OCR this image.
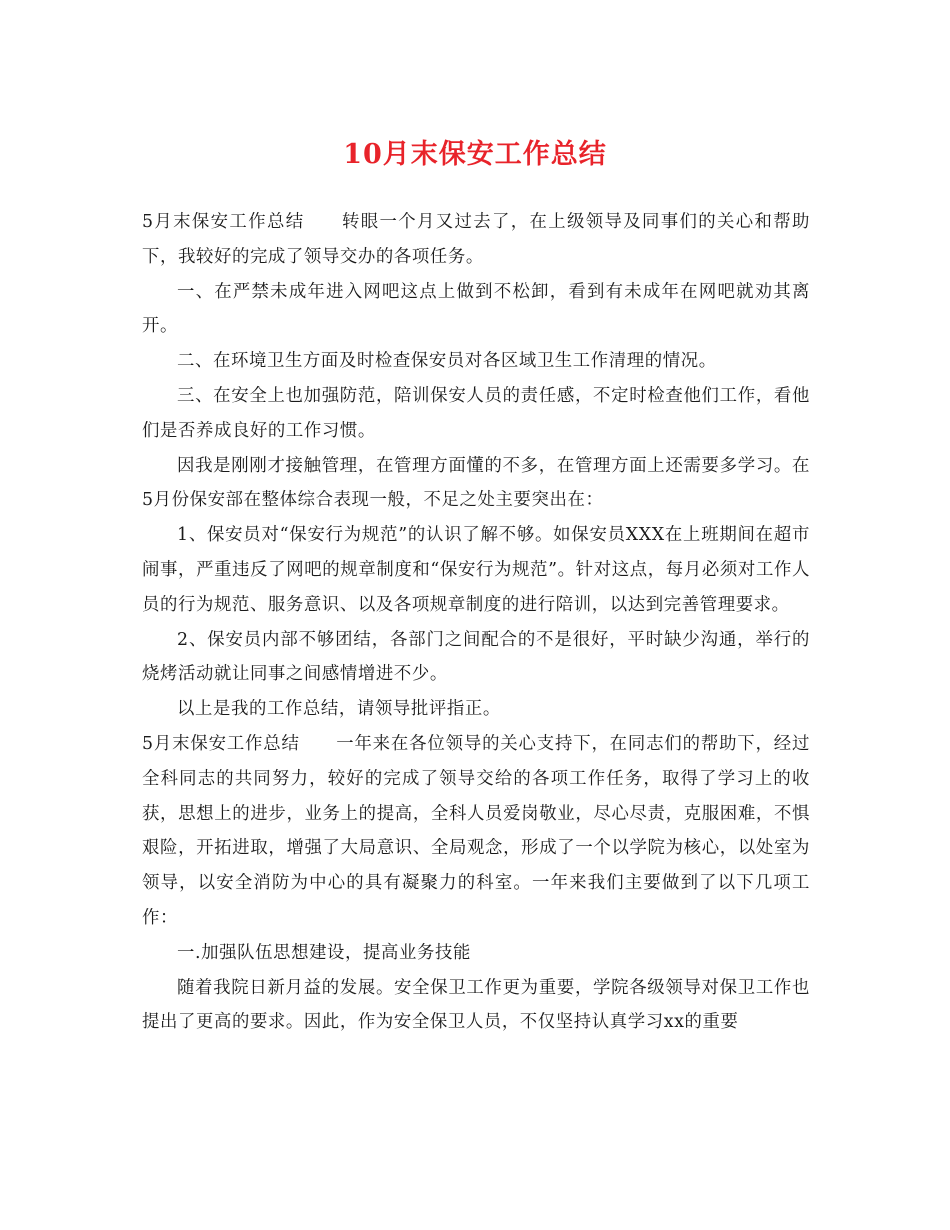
10月末保安工作总结

5月末保安工作总结　　转眼一个月又过去了，在上级领导及同事们的关心和帮助下，我较好的完成了领导交办的各项任务。

一、在严禁未成年进入网吧这点上做到不松卸，看到有未成年在网吧就劝其离开。

二、在环境卫生方面及时检查保安员对各区域卫生工作清理的情况。

三、在安全上也加强防范，陪训保安人员的责任感，不定时检查他们工作，看他们是否养成良好的工作习惯。

因我是刚刚才接触管理，在管理方面懂的不多，在管理方面上还需要多学习。在5月份保安部在整体综合表现一般，不足之处主要突出在：

1、保安员对“保安行为规范”的认识了解不够。如保安员XXX在上班期间在超市闹事，严重违反了网吧的规章制度和“保安行为规范”。针对这点，每月必须对工作人员的行为规范、服务意识、以及各项规章制度的进行陪训，以达到完善管理要求。

2、保安员内部不够团结，各部门之间配合的不是很好，平时缺少沟通，举行的烧烤活动就让同事之间感情增进不少。

以上是我的工作总结，请领导批评指正。

5月末保安工作总结　　一年来在各位领导的关心支持下，在同志们的帮助下，经过全科同志的共同努力，较好的完成了领导交给的各项工作任务，取得了学习上的收获，思想上的进步，业务上的提高，全科人员爱岗敬业，尽心尽责，克服困难，不惧艰险，开拓进取，增强了大局意识、全局观念，形成了一个以学院为核心，以处室为领导，以安全消防为中心的具有凝聚力的科室。一年来我们主要做到了以下几项工作：

一.加强队伍思想建设，提高业务技能

随着我院日新月益的发展。安全保卫工作更为重要，学院各级领导对保卫工作也提出了更高的要求。因此，作为安全保卫人员，不仅坚持认真学习xx的重要
